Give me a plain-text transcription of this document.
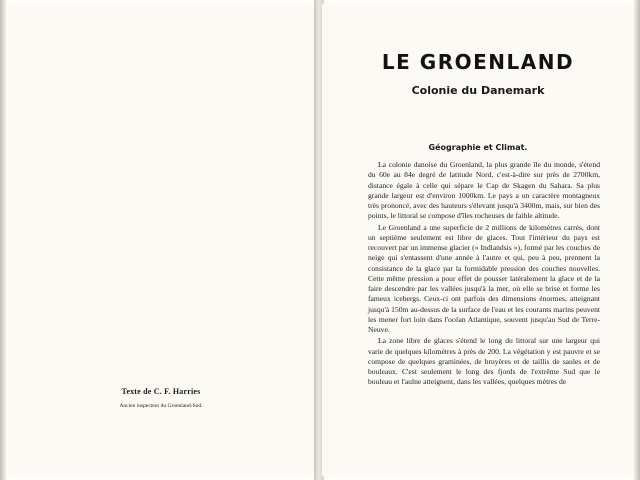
Texte de C. F. Harries
Ancien inspecteur du Groenland-Sud.
LE GROENLAND
Colonie du Danemark
Géographie et Climat.

La colonie danoise du Groenland, la plus grande île du monde, s'étend du 60e au 84e degré de latitude Nord, c'est-à-dire sur près de 2700km, distance égale à celle qui sépare le Cap de Skagen du Sahara. Sa plus grande largeur est d'environ 1000km. Le pays a un caractère montagneux très prononcé, avec des hauteurs s'élevant jusqu'à 3400m, mais, sur bien des points, le littoral se compose d'îles rocheuses de faible altitude.

Le Groenland a une superficie de 2 millions de kilomètres carrés, dont un septième seulement est libre de glaces. Tout l'intérieur du pays est recouvert par un immense glacier (« Indlandsis »), formé par les couches de neige qui s'entassent d'une année à l'autre et qui, peu à peu, prennent la consistance de la glace par la formidable pression des couches nouvelles. Cette même pression a pour effet de pousser latéralement la glace et de la faire descendre par les vallées jusqu'à la mer, où elle se brise et forme les fameux icebergs. Ceux-ci ont parfois des dimensions énormes, atteignant jusqu'à 150m au-dessus de la surface de l'eau et les courants marins peuvent les mener fort loin dans l'océan Atlantique, souvent jusqu'au Sud de Terre-Neuve.

La zone libre de glaces s'étend le long du littoral sur une largeur qui varie de quelques kilomètres à près de 200. La végétation y est pauvre et se compose de quelques graminées, de bruyères et de taillis de saules et de bouleaux. C'est seulement le long des fjords de l'extrême Sud que le bouleau et l'aulne atteignent, dans les vallées, quelques mètres de
